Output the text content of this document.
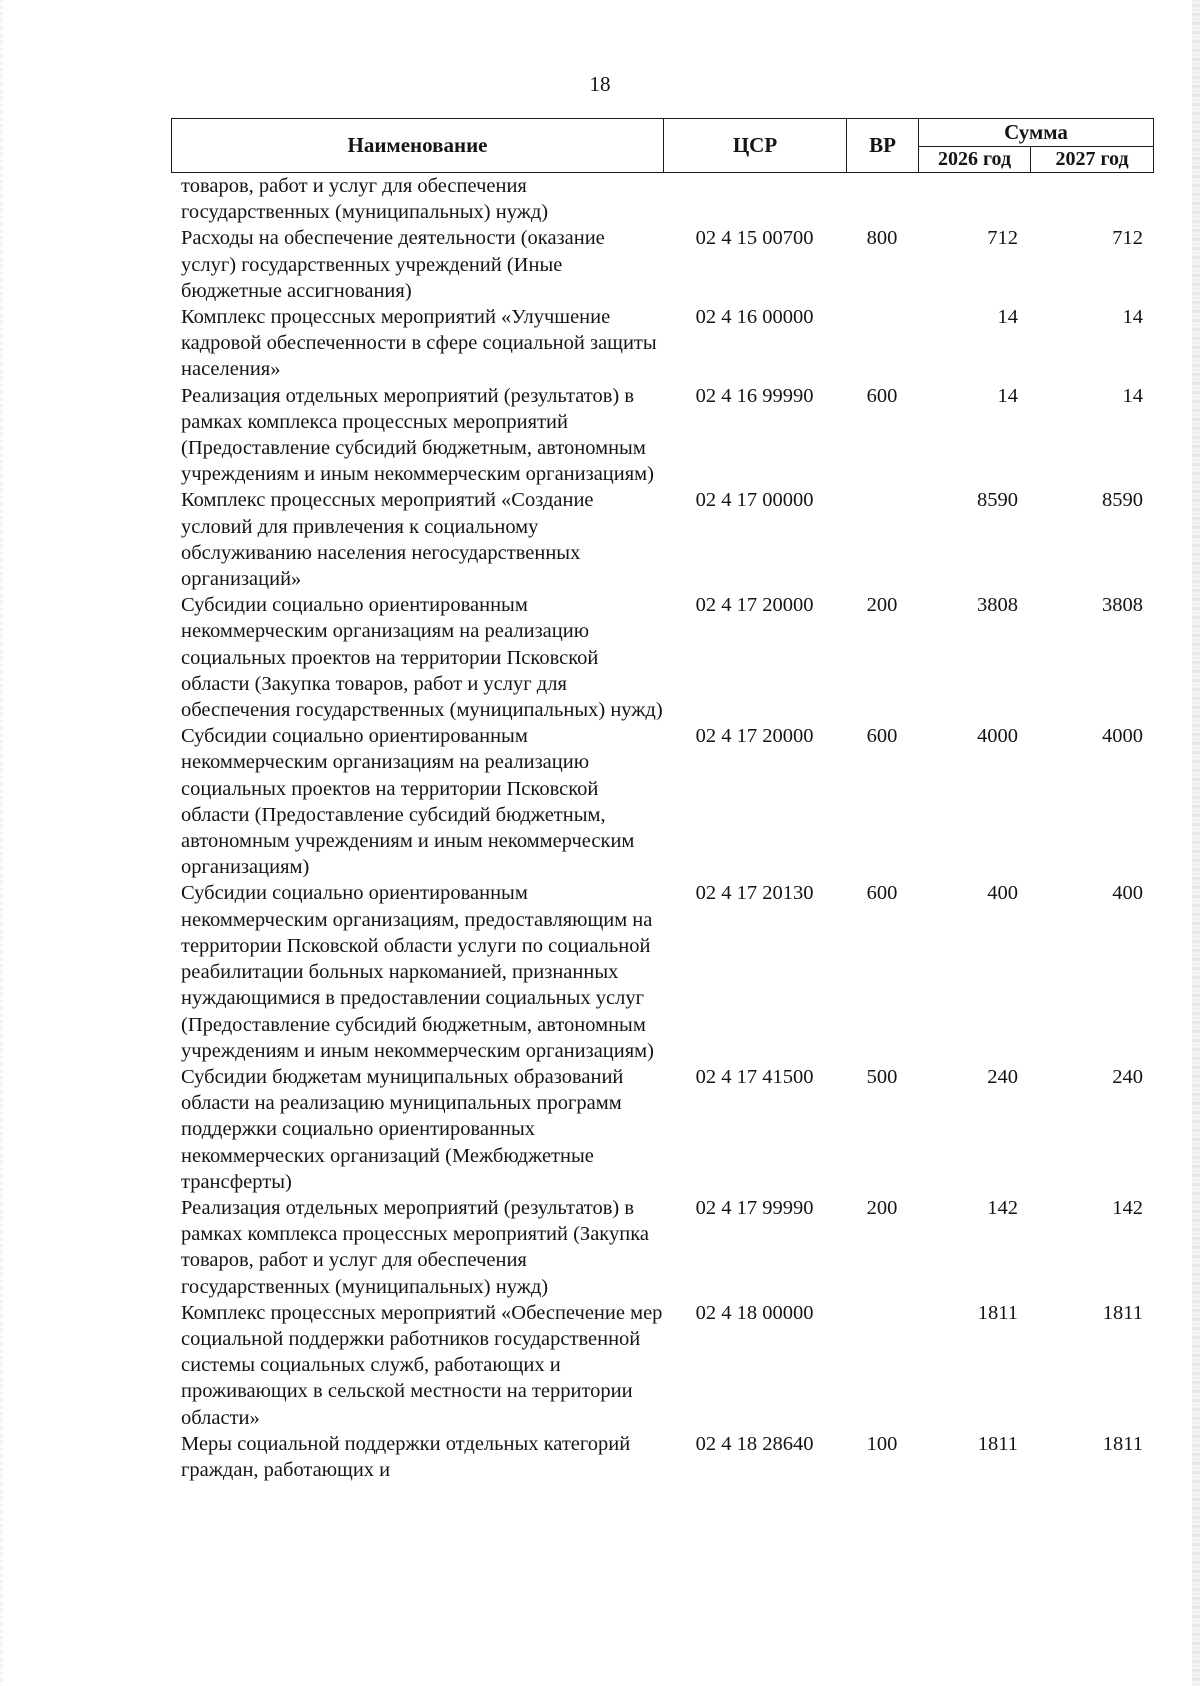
18
Наименование	ЦСР	ВР	Сумма	
			2026 год	2027 год
товаров, работ и услуг для обеспечения государственных (муниципальных) нужд)				
Расходы на обеспечение деятельности (оказание услуг) государственных учреждений (Иные бюджетные ассигнования)	02 4 15 00700	800	712	712
Комплекс процессных мероприятий «Улучшение кадровой обеспеченности в сфере социальной защиты населения»	02 4 16 00000		14	14
Реализация отдельных мероприятий (результатов) в рамках комплекса процессных мероприятий (Предоставление субсидий бюджетным, автономным учреждениям и иным некоммерческим организациям)	02 4 16 99990	600	14	14
Комплекс процессных мероприятий «Создание условий для привлечения к социальному обслуживанию населения негосударственных организаций»	02 4 17 00000		8590	8590
Субсидии социально ориентированным некоммерческим организациям на реализацию социальных проектов на территории Псковской области (Закупка товаров, работ и услуг для обеспечения государственных (муниципальных) нужд)	02 4 17 20000	200	3808	3808
Субсидии социально ориентированным некоммерческим организациям на реализацию социальных проектов на территории Псковской области (Предоставление субсидий бюджетным, автономным учреждениям и иным некоммерческим организациям)	02 4 17 20000	600	4000	4000
Субсидии социально ориентированным некоммерческим организациям, предоставляющим на территории Псковской области услуги по социальной реабилитации больных наркоманией, признанных нуждающимися в предоставлении социальных услуг (Предоставление субсидий бюджетным, автономным учреждениям и иным некоммерческим организациям)	02 4 17 20130	600	400	400
Субсидии бюджетам муниципальных образований области на реализацию муниципальных программ поддержки социально ориентированных некоммерческих организаций (Межбюджетные трансферты)	02 4 17 41500	500	240	240
Реализация отдельных мероприятий (результатов) в рамках комплекса процессных мероприятий (Закупка товаров, работ и услуг для обеспечения государственных (муниципальных) нужд)	02 4 17 99990	200	142	142
Комплекс процессных мероприятий «Обеспечение мер социальной поддержки работников государственной системы социальных служб, работающих и проживающих в сельской местности на территории области»	02 4 18 00000		1811	1811
Меры социальной поддержки отдельных категорий граждан, работающих и	02 4 18 28640	100	1811	1811
